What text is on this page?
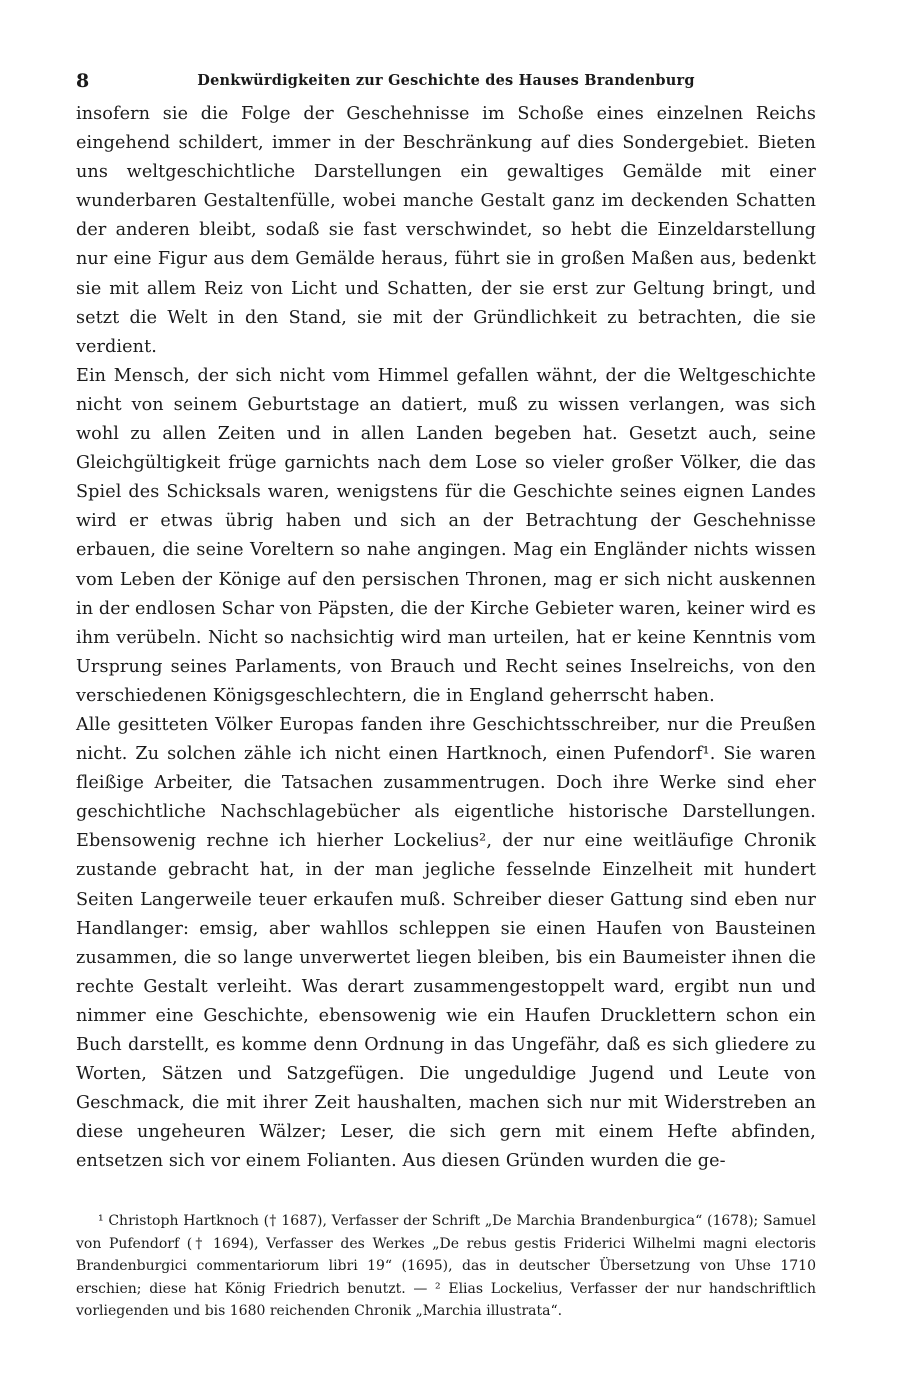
8	Denkwürdigkeiten zur Geschichte des Hauses Brandenburg

insofern sie die Folge der Geschehnisse im Schoße eines einzelnen Reichs eingehend schildert, immer in der Beschränkung auf dies Sondergebiet. Bieten uns weltgeschichtliche Darstellungen ein gewaltiges Gemälde mit einer wunderbaren Gestaltenfülle, wobei manche Gestalt ganz im deckenden Schatten der anderen bleibt, sodaß sie fast verschwindet, so hebt die Einzeldarstellung nur eine Figur aus dem Gemälde heraus, führt sie in großen Maßen aus, bedenkt sie mit allem Reiz von Licht und Schatten, der sie erst zur Geltung bringt, und setzt die Welt in den Stand, sie mit der Gründlichkeit zu betrachten, die sie verdient.

Ein Mensch, der sich nicht vom Himmel gefallen wähnt, der die Weltgeschichte nicht von seinem Geburtstage an datiert, muß zu wissen verlangen, was sich wohl zu allen Zeiten und in allen Landen begeben hat. Gesetzt auch, seine Gleichgültigkeit früge garnichts nach dem Lose so vieler großer Völker, die das Spiel des Schicksals waren, wenigstens für die Geschichte seines eignen Landes wird er etwas übrig haben und sich an der Betrachtung der Geschehnisse erbauen, die seine Voreltern so nahe angingen. Mag ein Engländer nichts wissen vom Leben der Könige auf den persischen Thronen, mag er sich nicht auskennen in der endlosen Schar von Päpsten, die der Kirche Gebieter waren, keiner wird es ihm verübeln. Nicht so nachsichtig wird man urteilen, hat er keine Kenntnis vom Ursprung seines Parlaments, von Brauch und Recht seines Inselreichs, von den verschiedenen Königsgeschlechtern, die in England geherrscht haben.

Alle gesitteten Völker Europas fanden ihre Geschichtsschreiber, nur die Preußen nicht. Zu solchen zähle ich nicht einen Hartknoch, einen Pufendorf¹. Sie waren fleißige Arbeiter, die Tatsachen zusammentrugen. Doch ihre Werke sind eher geschichtliche Nachschlagebücher als eigentliche historische Darstellungen. Ebensowenig rechne ich hierher Lockelius², der nur eine weitläufige Chronik zustande gebracht hat, in der man jegliche fesselnde Einzelheit mit hundert Seiten Langerweile teuer erkaufen muß. Schreiber dieser Gattung sind eben nur Handlanger: emsig, aber wahllos schleppen sie einen Haufen von Bausteinen zusammen, die so lange unverwertet liegen bleiben, bis ein Baumeister ihnen die rechte Gestalt verleiht. Was derart zusammengestoppelt ward, ergibt nun und nimmer eine Geschichte, ebensowenig wie ein Haufen Drucklettern schon ein Buch darstellt, es komme denn Ordnung in das Ungefähr, daß es sich gliedere zu Worten, Sätzen und Satzgefügen. Die ungeduldige Jugend und Leute von Geschmack, die mit ihrer Zeit haushalten, machen sich nur mit Widerstreben an diese ungeheuren Wälzer; Leser, die sich gern mit einem Hefte abfinden, entsetzen sich vor einem Folianten. Aus diesen Gründen wurden die ge-

¹ Christoph Hartknoch († 1687), Verfasser der Schrift „De Marchia Brandenburgica“ (1678); Samuel von Pufendorf († 1694), Verfasser des Werkes „De rebus gestis Friderici Wilhelmi magni electoris Brandenburgici commentariorum libri 19“ (1695), das in deutscher Übersetzung von Uhse 1710 erschien; diese hat König Friedrich benutzt. — ² Elias Lockelius, Verfasser der nur handschriftlich vorliegenden und bis 1680 reichenden Chronik „Marchia illustrata“.
